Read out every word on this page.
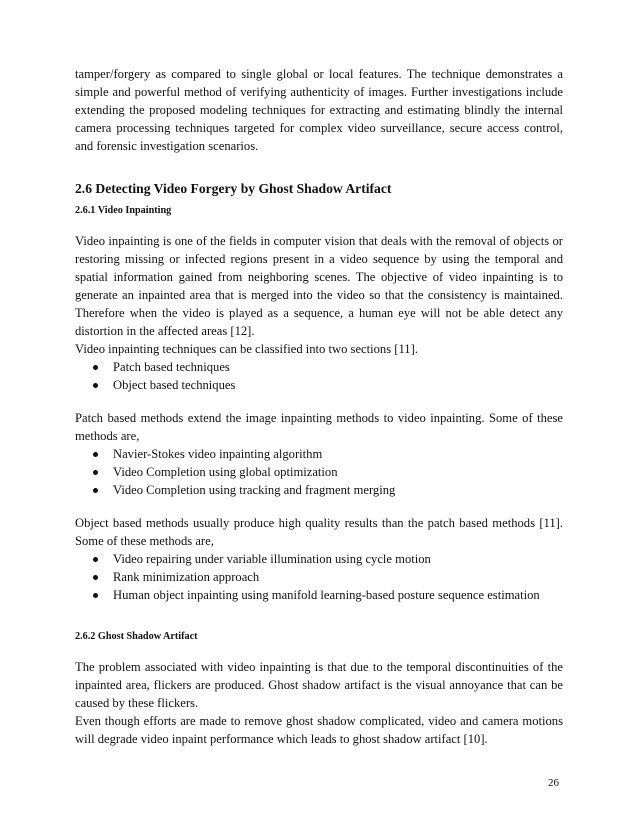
tamper/forgery as compared to single global or local features. The technique demonstrates a simple and powerful method of verifying authenticity of images. Further investigations include extending the proposed modeling techniques for extracting and estimating blindly the internal camera processing techniques targeted for complex video surveillance, secure access control, and forensic investigation scenarios.

2.6 Detecting Video Forgery by Ghost Shadow Artifact
2.6.1 Video Inpainting

Video inpainting is one of the fields in computer vision that deals with the removal of objects or restoring missing or infected regions present in a video sequence by using the temporal and spatial information gained from neighboring scenes. The objective of video inpainting is to generate an inpainted area that is merged into the video so that the consistency is maintained. Therefore when the video is played as a sequence, a human eye will not be able detect any distortion in the affected areas [12].

Video inpainting techniques can be classified into two sections [11].

Patch based techniques
Object based techniques

Patch based methods extend the image inpainting methods to video inpainting. Some of these methods are,

Navier-Stokes video inpainting algorithm
Video Completion using global optimization
Video Completion using tracking and fragment merging

Object based methods usually produce high quality results than the patch based methods [11]. Some of these methods are,

Video repairing under variable illumination using cycle motion
Rank minimization approach
Human object inpainting using manifold learning-based posture sequence estimation
2.6.2 Ghost Shadow Artifact

The problem associated with video inpainting is that due to the temporal discontinuities of the inpainted area, flickers are produced. Ghost shadow artifact is the visual annoyance that can be caused by these flickers.

Even though efforts are made to remove ghost shadow complicated, video and camera motions will degrade video inpaint performance which leads to ghost shadow artifact [10].

26
